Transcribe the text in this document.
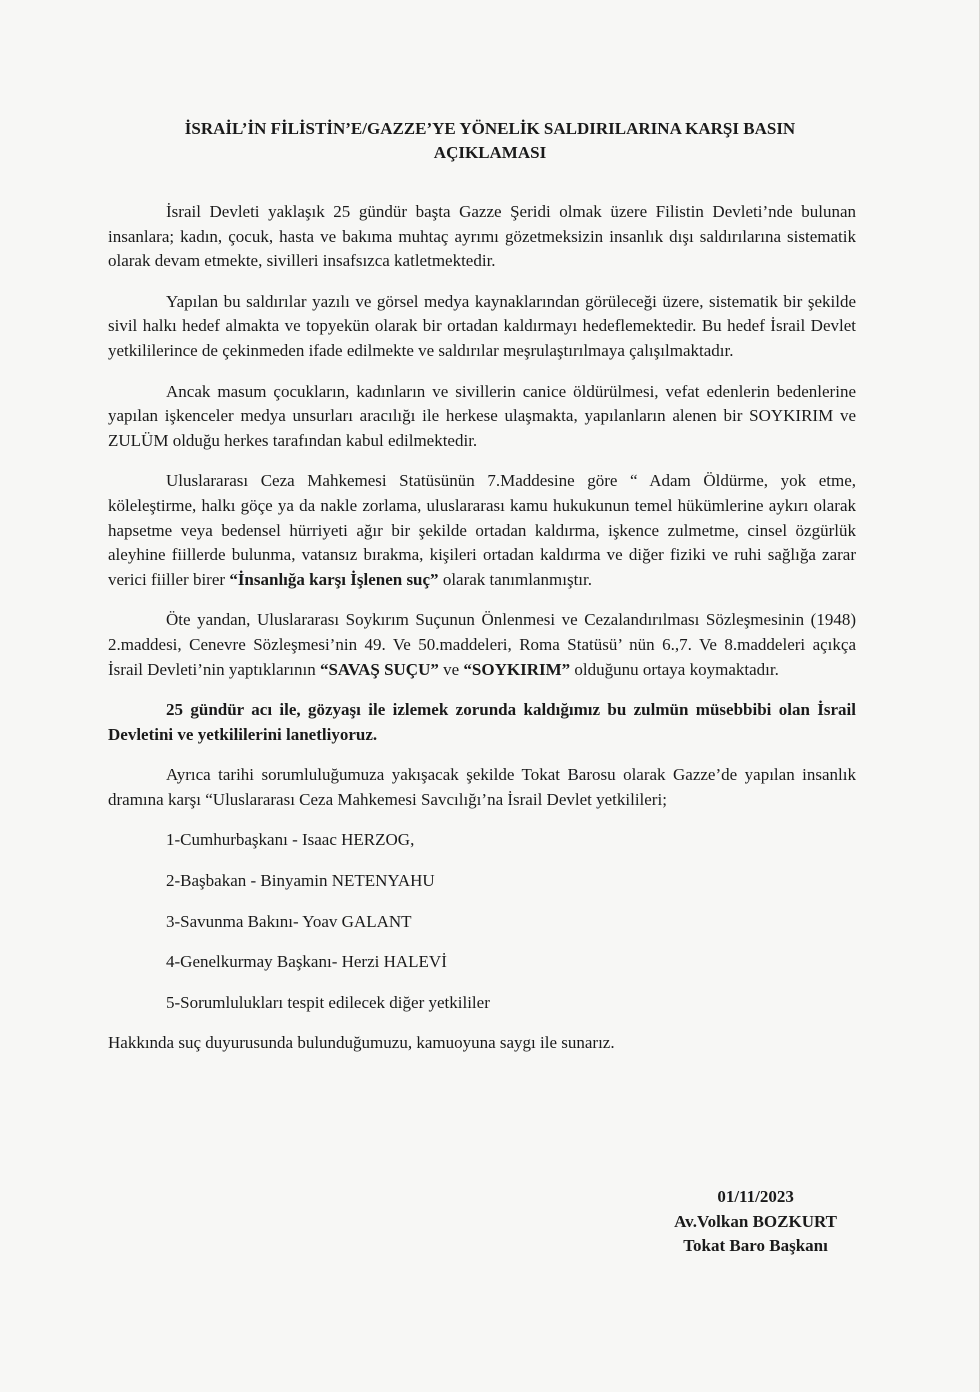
İSRAİL’İN FİLİSTİN’E/GAZZE’YE YÖNELİK SALDIRILARINA KARŞI BASIN
AÇIKLAMASI

İsrail Devleti yaklaşık 25 gündür başta Gazze Şeridi olmak üzere Filistin Devleti’nde bulunan insanlara; kadın, çocuk, hasta ve bakıma muhtaç ayrımı gözetmeksizin insanlık dışı saldırılarına sistematik olarak devam etmekte, sivilleri insafsızca katletmektedir.

Yapılan bu saldırılar yazılı ve görsel medya kaynaklarından görüleceği üzere, sistematik bir şekilde sivil halkı hedef almakta ve topyekün olarak bir ortadan kaldırmayı hedeflemektedir. Bu hedef İsrail Devlet yetkililerince de çekinmeden ifade edilmekte ve saldırılar meşrulaştırılmaya çalışılmaktadır.

Ancak masum çocukların, kadınların ve sivillerin canice öldürülmesi, vefat edenlerin bedenlerine yapılan işkenceler medya unsurları aracılığı ile herkese ulaşmakta, yapılanların alenen bir SOYKIRIM ve ZULÜM olduğu herkes tarafından kabul edilmektedir.

Uluslararası Ceza Mahkemesi Statüsünün 7.Maddesine göre “ Adam Öldürme, yok etme, köleleştirme, halkı göçe ya da nakle zorlama, uluslararası kamu hukukunun temel hükümlerine aykırı olarak hapsetme veya bedensel hürriyeti ağır bir şekilde ortadan kaldırma, işkence zulmetme, cinsel özgürlük aleyhine fiillerde bulunma, vatansız bırakma, kişileri ortadan kaldırma ve diğer fiziki ve ruhi sağlığa zarar verici fiiller birer “İnsanlığa karşı İşlenen suç” olarak tanımlanmıştır.

Öte yandan, Uluslararası Soykırım Suçunun Önlenmesi ve Cezalandırılması Sözleşmesinin (1948) 2.maddesi, Cenevre Sözleşmesi’nin 49. Ve 50.maddeleri, Roma Statüsü’ nün 6.,7. Ve 8.maddeleri açıkça İsrail Devleti’nin yaptıklarının “SAVAŞ SUÇU” ve “SOYKIRIM” olduğunu ortaya koymaktadır.

25 gündür acı ile, gözyaşı ile izlemek zorunda kaldığımız bu zulmün müsebbibi olan İsrail Devletini ve yetkililerini lanetliyoruz.

Ayrıca tarihi sorumluluğumuza yakışacak şekilde Tokat Barosu olarak Gazze’de yapılan insanlık dramına karşı “Uluslararası Ceza Mahkemesi Savcılığı’na İsrail Devlet yetkilileri;

1-Cumhurbaşkanı - Isaac HERZOG,
2-Başbakan - Binyamin NETENYAHU
3-Savunma Bakını- Yoav GALANT
4-Genelkurmay Başkanı- Herzi HALEVİ
5-Sorumlulukları tespit edilecek diğer yetkililer

Hakkında suç duyurusunda bulunduğumuzu, kamuoyuna saygı ile sunarız.

01/11/2023
Av.Volkan BOZKURT
Tokat Baro Başkanı
